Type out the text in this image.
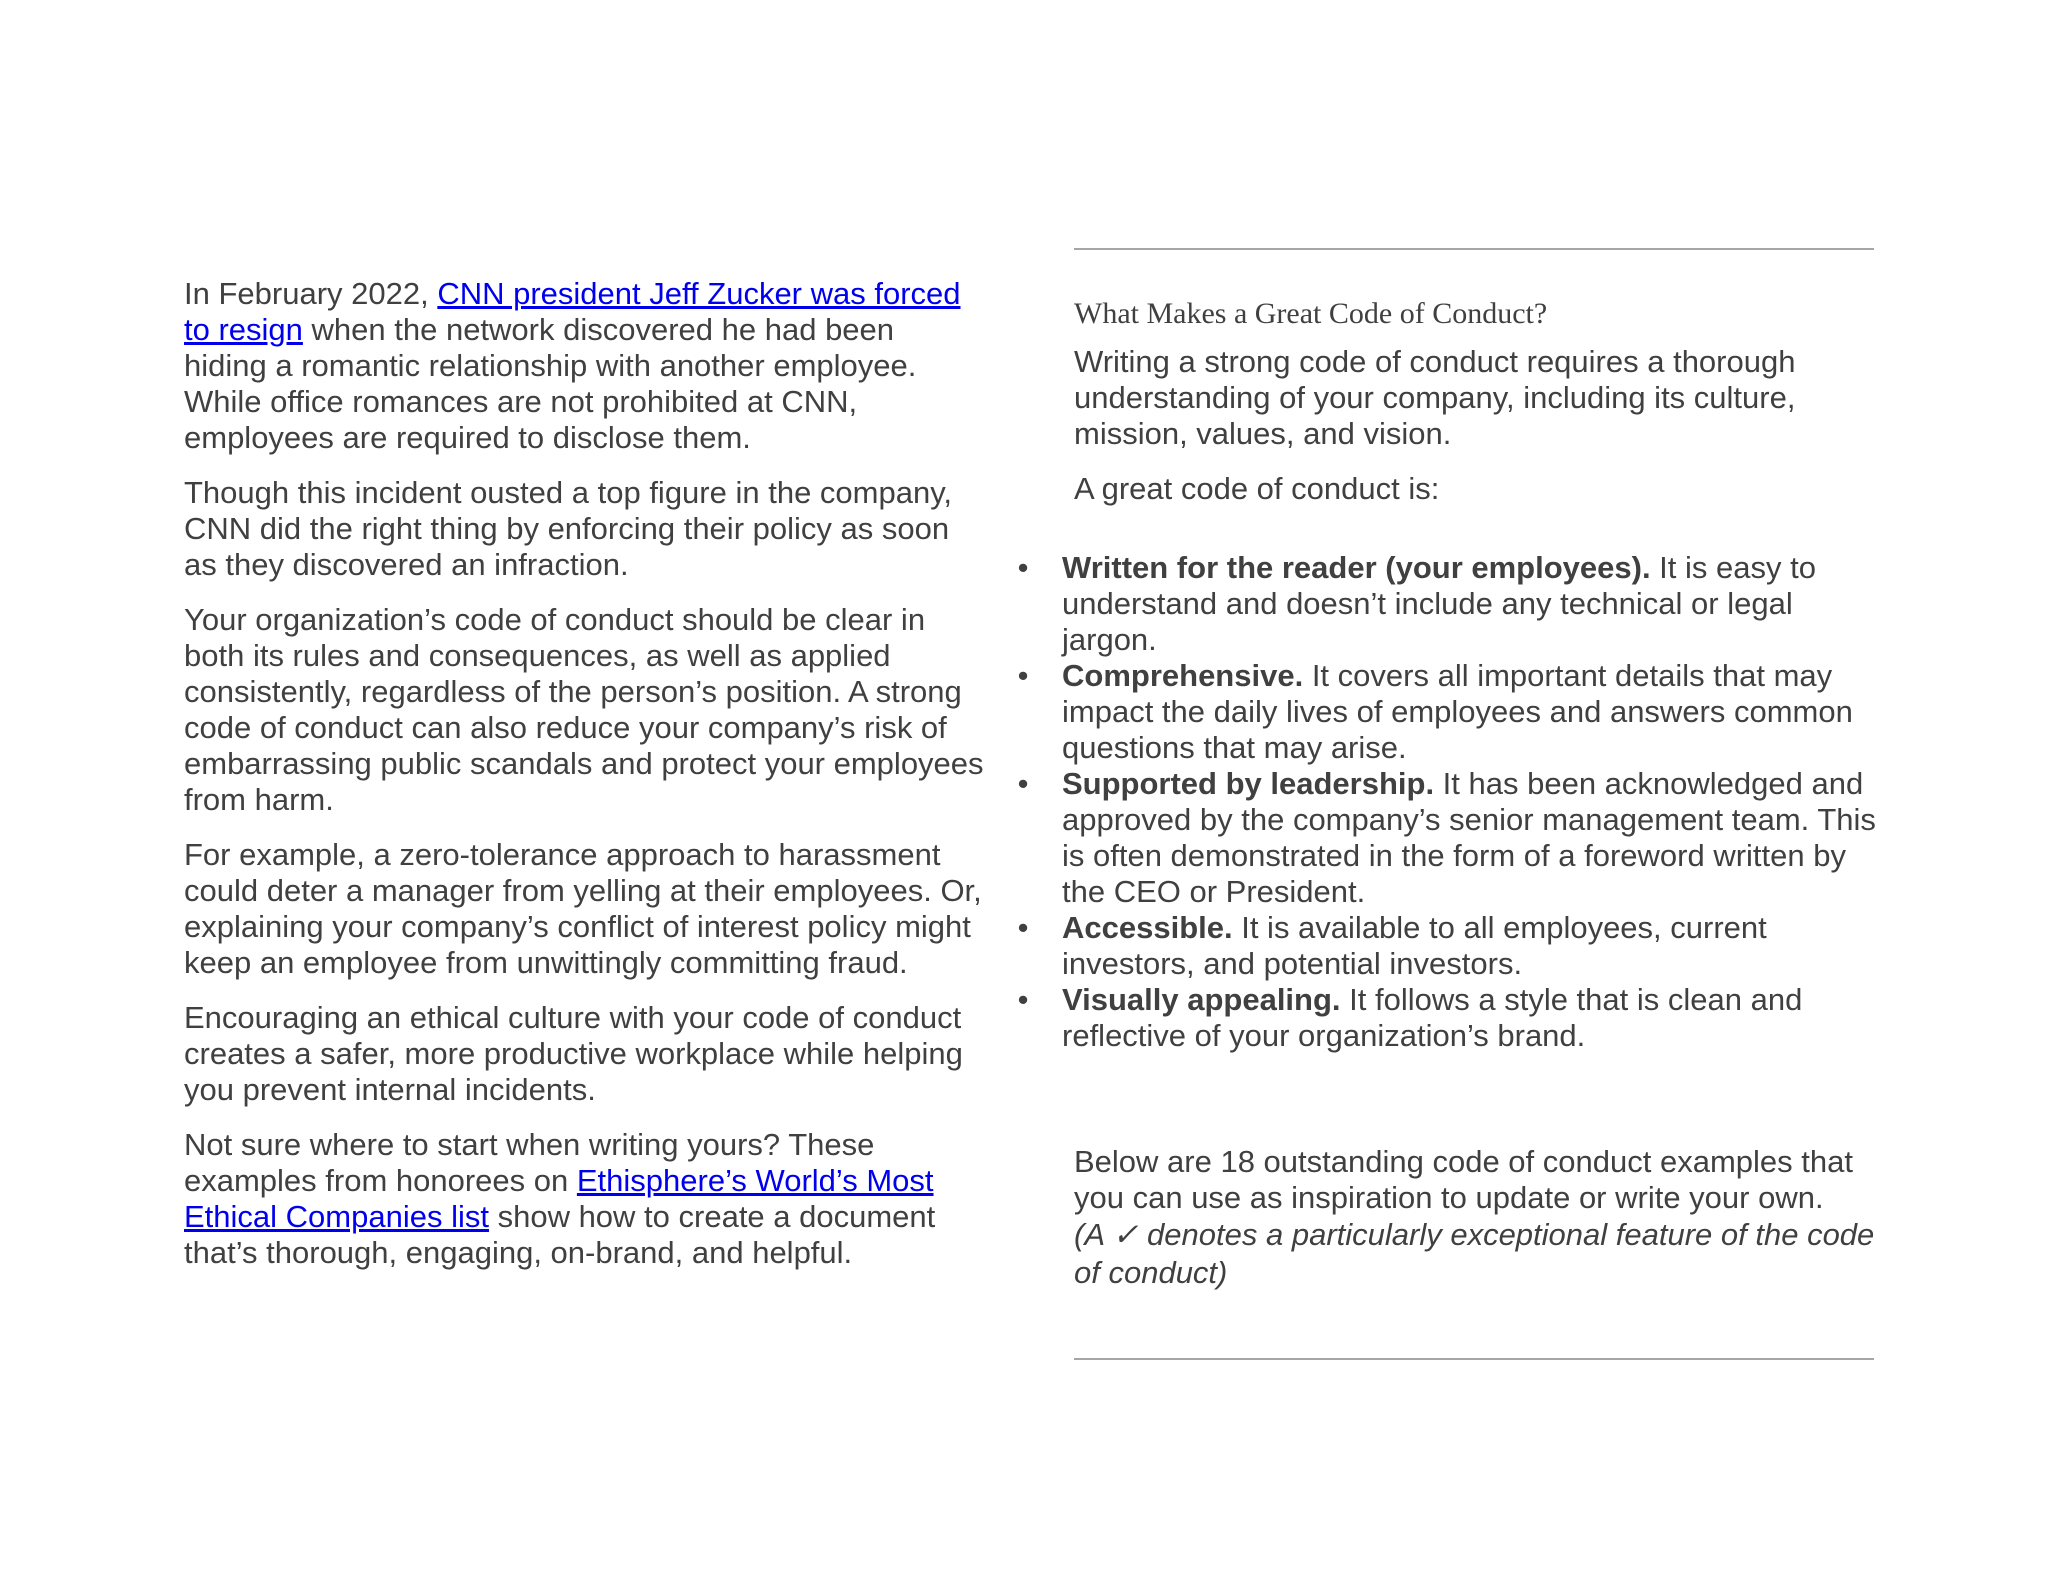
In February 2022, CNN president Jeff Zucker was forced to resign when the network discovered he had been hiding a romantic relationship with another employee. While office romances are not prohibited at CNN, employees are required to disclose them.

Though this incident ousted a top figure in the company, CNN did the right thing by enforcing their policy as soon as they discovered an infraction.

Your organization’s code of conduct should be clear in both its rules and consequences, as well as applied consistently, regardless of the person’s position. A strong code of conduct can also reduce your company’s risk of embarrassing public scandals and protect your employees from harm.

For example, a zero-tolerance approach to harassment could deter a manager from yelling at their employees. Or, explaining your company’s conflict of interest policy might keep an employee from unwittingly committing fraud.

Encouraging an ethical culture with your code of conduct creates a safer, more productive workplace while helping you prevent internal incidents.

Not sure where to start when writing yours? These examples from honorees on Ethisphere’s World’s Most Ethical Companies list show how to create a document that’s thorough, engaging, on-brand, and helpful.

What Makes a Great Code of Conduct?

Writing a strong code of conduct requires a thorough understanding of your company, including its culture, mission, values, and vision.

A great code of conduct is:

• Written for the reader (your employees). It is easy to understand and doesn’t include any technical or legal jargon.
• Comprehensive. It covers all important details that may impact the daily lives of employees and answers common questions that may arise.
• Supported by leadership. It has been acknowledged and approved by the company’s senior management team. This is often demonstrated in the form of a foreword written by the CEO or President.
• Accessible. It is available to all employees, current investors, and potential investors.
• Visually appealing. It follows a style that is clean and reflective of your organization’s brand.

Below are 18 outstanding code of conduct examples that you can use as inspiration to update or write your own.

(A ✓ denotes a particularly exceptional feature of the code of conduct)
